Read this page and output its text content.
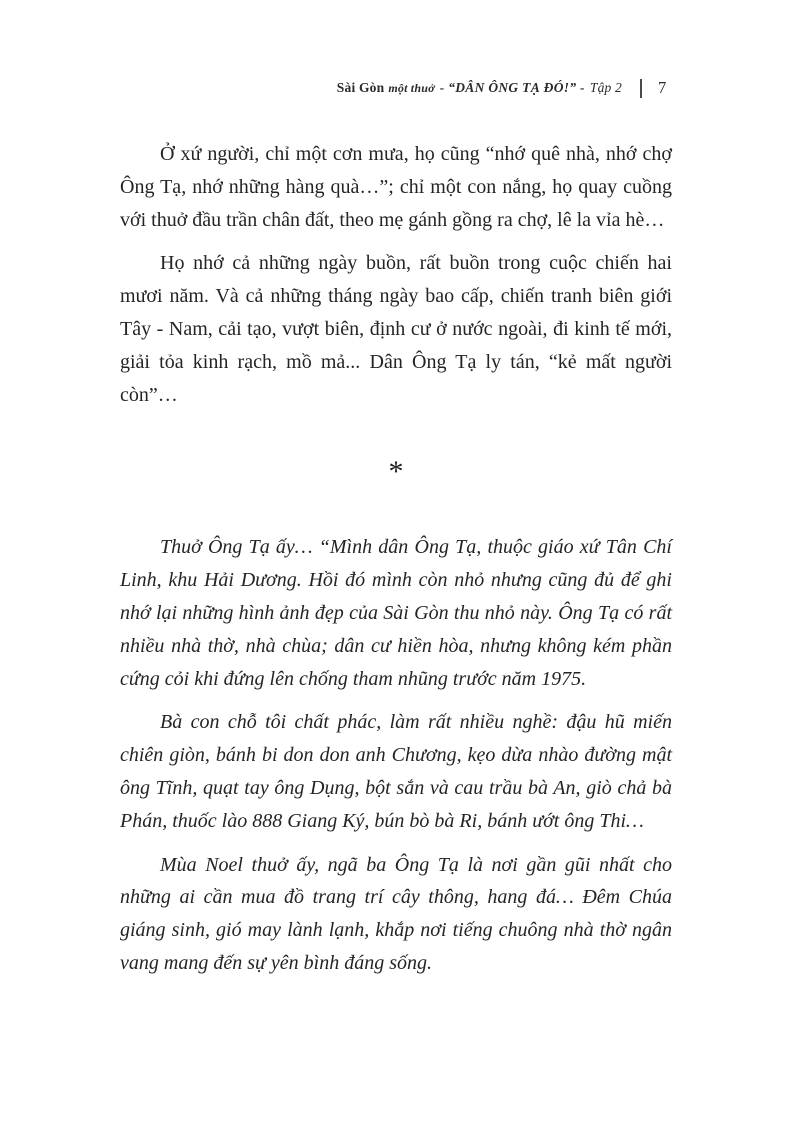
Sài Gòn một thuở - “DÂN ÔNG TẠ ĐÓ!” - Tập 2 7

Ở xứ người, chỉ một cơn mưa, họ cũng “nhớ quê nhà, nhớ chợ Ông Tạ, nhớ những hàng quà…”; chỉ một con nắng, họ quay cuồng với thuở đầu trần chân đất, theo mẹ gánh gồng ra chợ, lê la vỉa hè…

Họ nhớ cả những ngày buồn, rất buồn trong cuộc chiến hai mươi năm. Và cả những tháng ngày bao cấp, chiến tranh biên giới Tây - Nam, cải tạo, vượt biên, định cư ở nước ngoài, đi kinh tế mới, giải tỏa kinh rạch, mồ mả... Dân Ông Tạ ly tán, “kẻ mất người còn”…

*

Thuở Ông Tạ ấy… “Mình dân Ông Tạ, thuộc giáo xứ Tân Chí Linh, khu Hải Dương. Hồi đó mình còn nhỏ nhưng cũng đủ để ghi nhớ lại những hình ảnh đẹp của Sài Gòn thu nhỏ này. Ông Tạ có rất nhiều nhà thờ, nhà chùa; dân cư hiền hòa, nhưng không kém phần cứng cỏi khi đứng lên chống tham nhũng trước năm 1975.

Bà con chỗ tôi chất phác, làm rất nhiều nghề: đậu hũ miến chiên giòn, bánh bi don don anh Chương, kẹo dừa nhào đường mật ông Tĩnh, quạt tay ông Dụng, bột sắn và cau trầu bà An, giò chả bà Phán, thuốc lào 888 Giang Ký, bún bò bà Ri, bánh ướt ông Thi…

Mùa Noel thuở ấy, ngã ba Ông Tạ là nơi gần gũi nhất cho những ai cần mua đồ trang trí cây thông, hang đá… Đêm Chúa giáng sinh, gió may lành lạnh, khắp nơi tiếng chuông nhà thờ ngân vang mang đến sự yên bình đáng sống.
